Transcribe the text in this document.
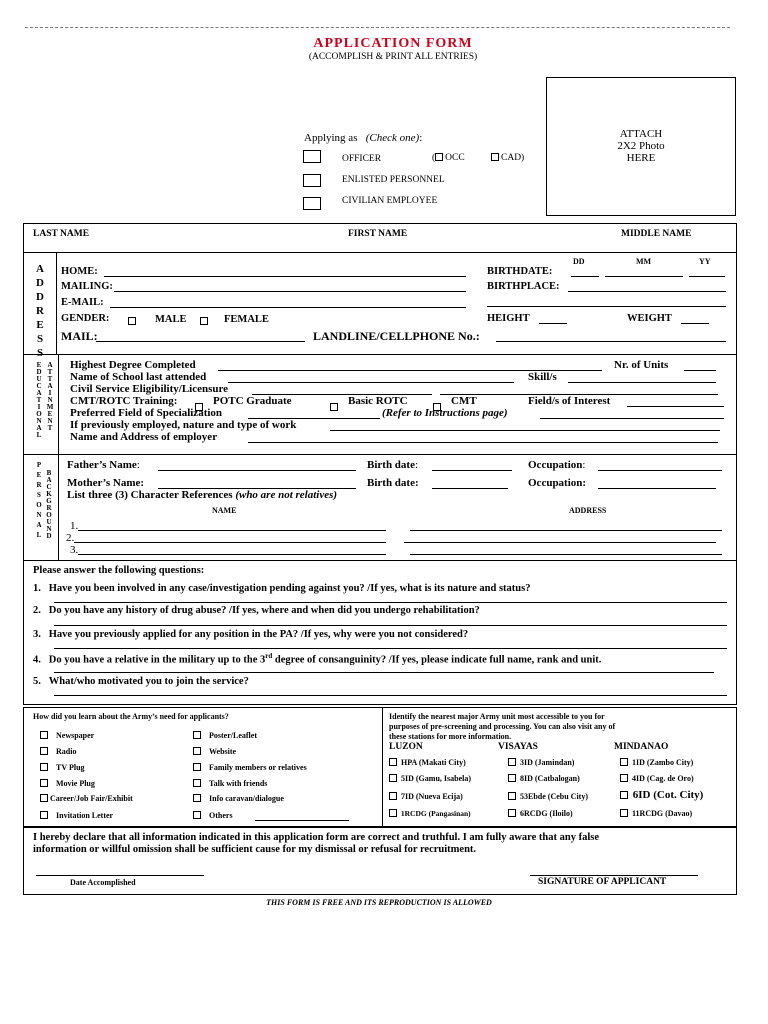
APPLICATION FORM
(ACCOMPLISH & PRINT ALL ENTRIES)
ATTACH
2X2 Photo
HERE
Applying as (Check one):
OFFICER	( OCC	CAD)
ENLISTED PERSONNEL
CIVILIAN EMPLOYEE
LAST NAME	FIRST NAME	MIDDLE NAME
A
D
D
R
E
S
S
DD	MM	YY
HOME:
MAILING:
E-MAIL:
GENDER:	MALE	FEMALE
MAIL:	LANDLINE/CELLPHONE No.:
BIRTHDATE:
BIRTHPLACE:
HEIGHT	WEIGHT
E
D
U
C
A
T
I
O
N
A
L
A
T
T
A
I
N
M
E
N
T
Highest Degree Completed	Nr. of Units
Name of School last attended	Skill/s
Civil Service Eligibility/Licensure
CMT/ROTC Training:	POTC Graduate	Basic ROTC	CMT	Field/s of Interest
Preferred Field of Specialization	(Refer to Instructions page)
If previously employed, nature and type of work
Name and Address of employer
P
E
R
S
O
N
A
L
B
A
C
K
G
R
O
U
N
D
Father’s Name:	Birth date:	Occupation:
Mother’s Name:	Birth date:	Occupation:
List three (3) Character References (who are not relatives)
NAME	ADDRESS
1.
2.
3.
Please answer the following questions:
1. Have you been involved in any case/investigation pending against you? /If yes, what is its nature and status?
2. Do you have any history of drug abuse? /If yes, where and when did you undergo rehabilitation?
3. Have you previously applied for any position in the PA? /If yes, why were you not considered?
4. Do you have a relative in the military up to the 3rd degree of consanguinity? /If yes, please indicate full name, rank and unit.
5. What/who motivated you to join the service?
How did you learn about the Army’s need for applicants?
Newspaper
Radio
TV Plug
Movie Plug
Career/Job Fair/Exhibit
Invitation Letter
Poster/Leaflet
Website
Family members or relatives
Talk with friends
Info caravan/dialogue
Others
Identify the nearest major Army unit most accessible to you for
purposes of pre-screening and processing. You can also visit any of
these stations for more information.
LUZON	VISAYAS	MINDANAO
HPA (Makati City)	3ID (Jamindan)	1ID (Zambo City)
5ID (Gamu, Isabela)	8ID (Catbalogan)	4ID (Cag. de Oro)
7ID (Nueva Ecija)	53Ebde (Cebu City)	6ID (Cot. City)
1RCDG (Pangasinan)	6RCDG (Iloilo)	11RCDG (Davao)
I hereby declare that all information indicated in this application form are correct and truthful. I am fully aware that any false
information or willful omission shall be sufficient cause for my dismissal or refusal for recruitment.
Date Accomplished	SIGNATURE OF APPLICANT
THIS FORM IS FREE AND ITS REPRODUCTION IS ALLOWED
